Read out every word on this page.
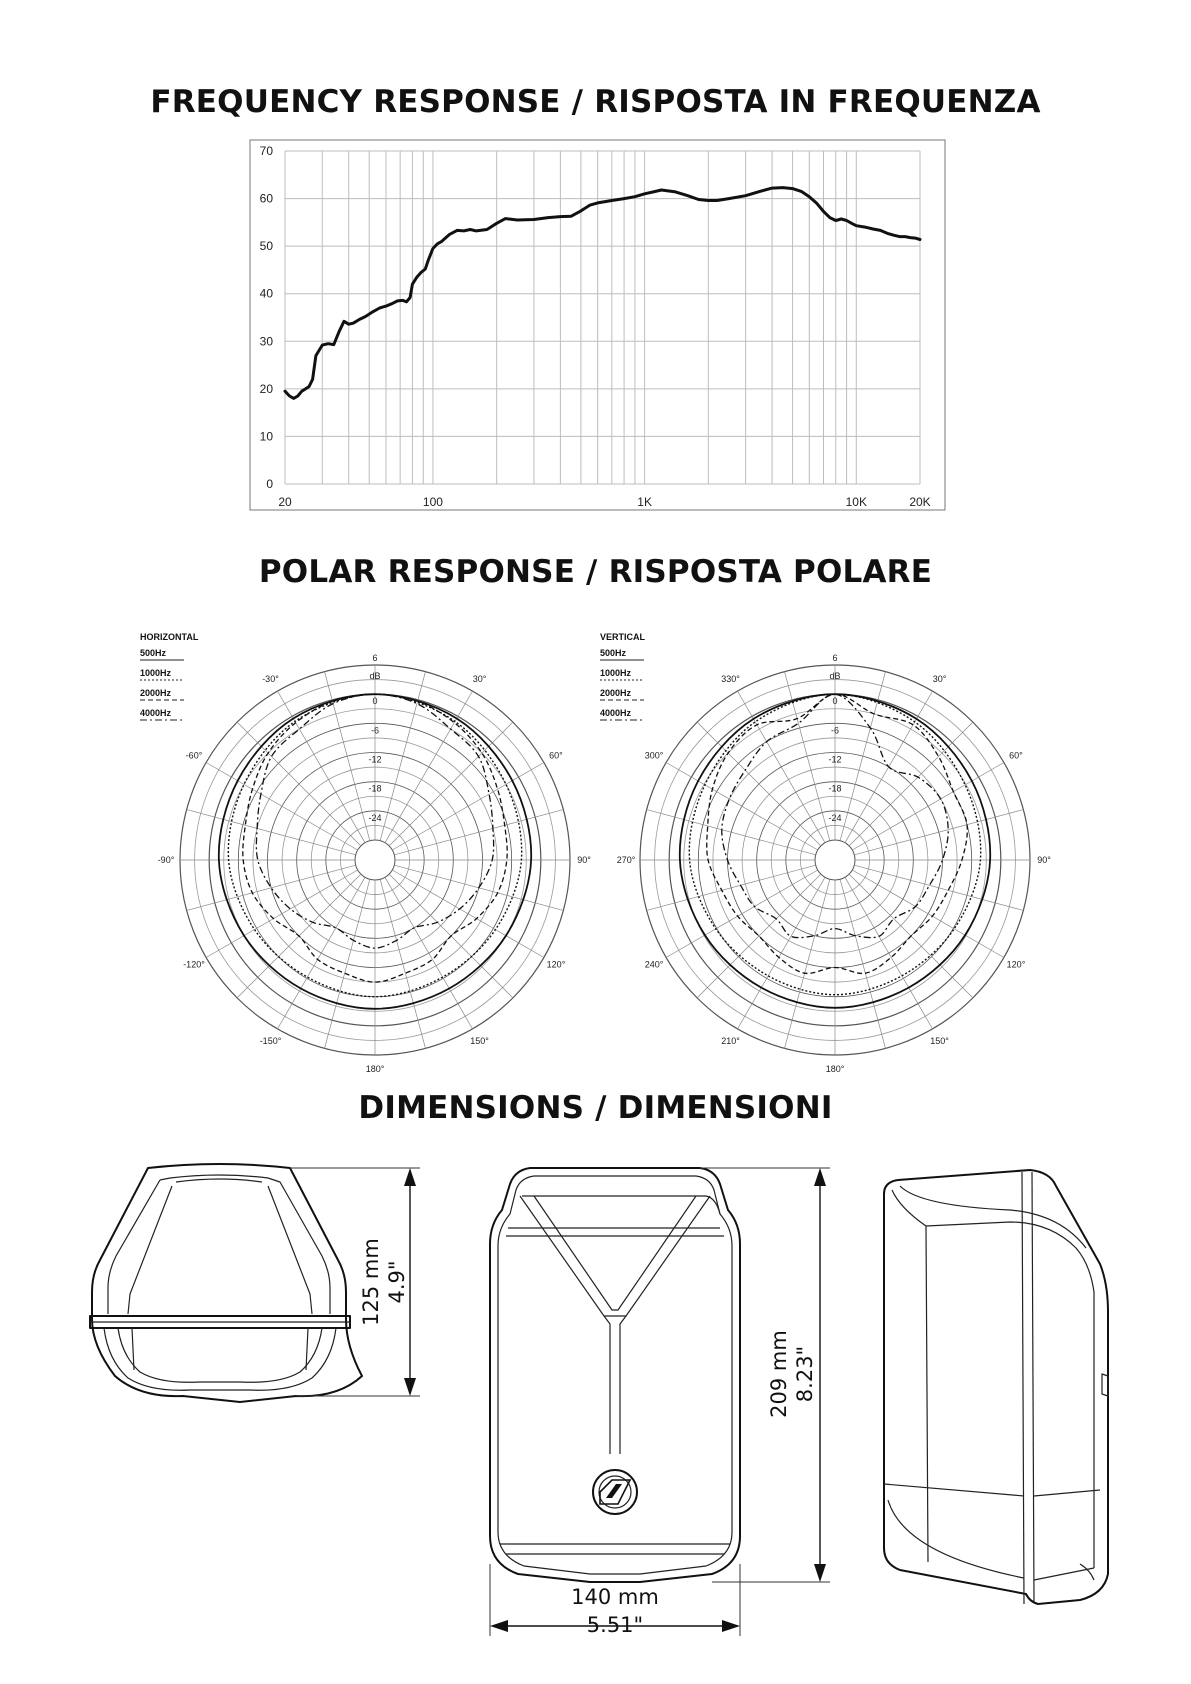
FREQUENCY RESPONSE / RISPOSTA IN FREQUENZA
0
10
20
30
40
50
60
70
20	100	1K	10K	20K
POLAR RESPONSE / RISPOSTA POLARE
30°
60°
90°
120°
150°
180°
-150°
-120°
-90°
-60°
-30°
6
0
-6
-12
-18
-24
dB
HORIZONTAL
500Hz
1000Hz
2000Hz
4000Hz
30°
60°
90°
120°
150°
180°
210°
240°
270°
300°
330°
6
0
-6
-12
-18
-24
dB
VERTICAL
500Hz
1000Hz
2000Hz
4000Hz
DIMENSIONS / DIMENSIONI
125 mm 4.9"
209 mm 8.23"
140 mm
5.51"
